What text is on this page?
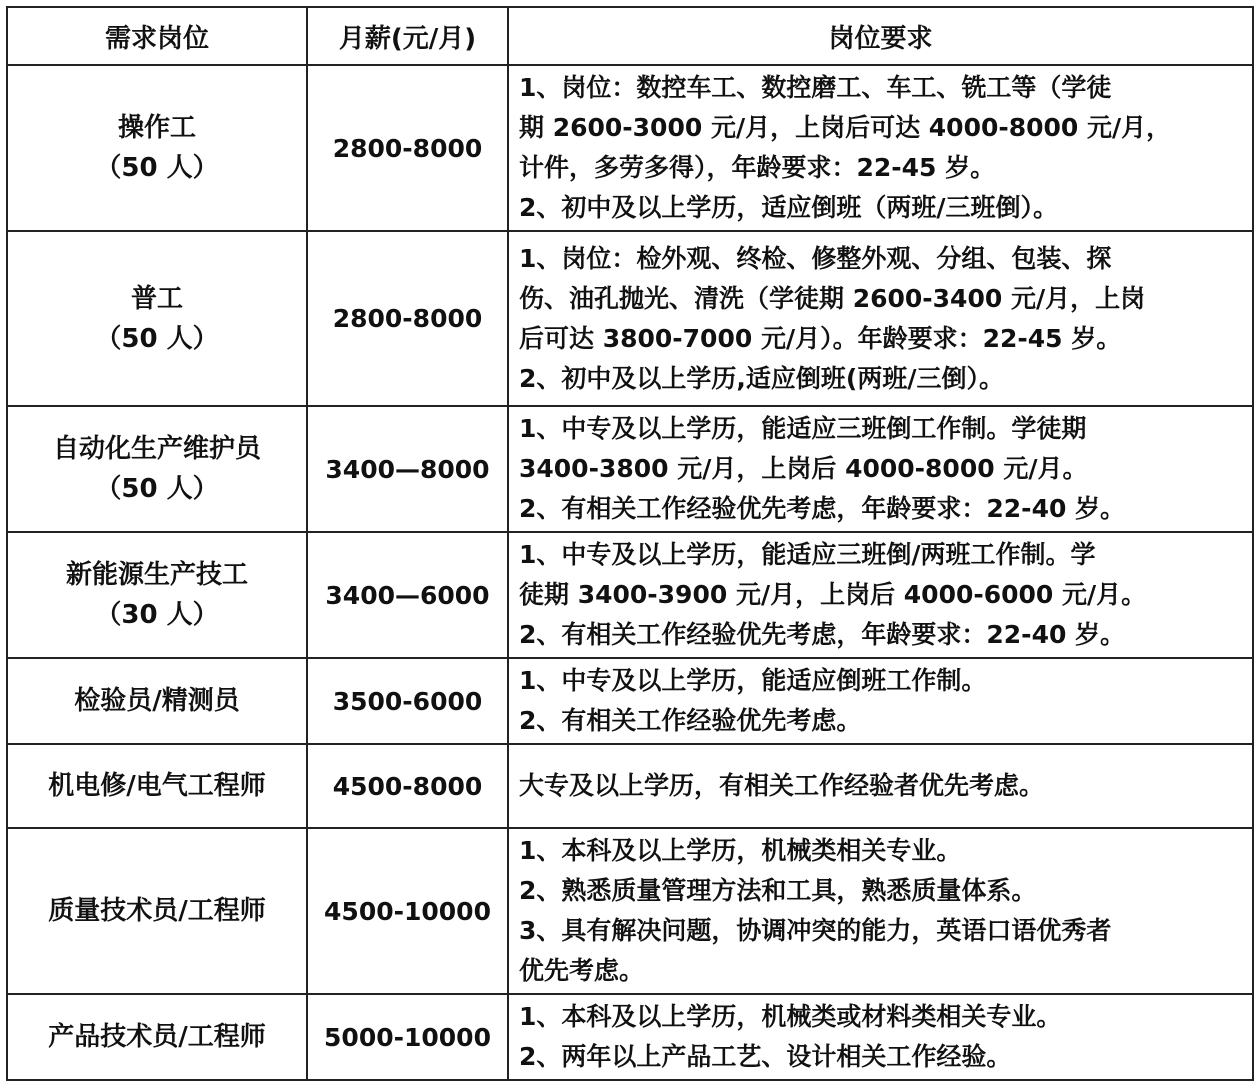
需求岗位	月薪(元/月)	岗位要求

操作工
（50 人）	2800-8000	1、岗位：数控车工、数控磨工、车工、铣工等（学徒
期 2600-3000 元/月，上岗后可达 4000-8000 元/月，
计件，多劳多得），年龄要求：22-45 岁。
2、初中及以上学历，适应倒班（两班/三班倒）。

普工
（50 人）	2800-8000	1、岗位：检外观、终检、修整外观、分组、包装、探
伤、油孔抛光、清洗（学徒期 2600-3400 元/月，上岗
后可达 3800-7000 元/月）。年龄要求：22-45 岁。
2、初中及以上学历,适应倒班(两班/三倒）。

自动化生产维护员
（50 人）	3400—8000	1、中专及以上学历，能适应三班倒工作制。学徒期
3400-3800 元/月，上岗后 4000-8000 元/月。
2、有相关工作经验优先考虑，年龄要求：22-40 岁。

新能源生产技工
（30 人）	3400—6000	1、中专及以上学历，能适应三班倒/两班工作制。学
徒期 3400-3900 元/月，上岗后 4000-6000 元/月。
2、有相关工作经验优先考虑，年龄要求：22-40 岁。

检验员/精测员	3500-6000	1、中专及以上学历，能适应倒班工作制。
2、有相关工作经验优先考虑。

机电修/电气工程师	4500-8000	大专及以上学历，有相关工作经验者优先考虑。

质量技术员/工程师	4500-10000	1、本科及以上学历，机械类相关专业。
2、熟悉质量管理方法和工具，熟悉质量体系。
3、具有解决问题，协调冲突的能力，英语口语优秀者
优先考虑。

产品技术员/工程师	5000-10000	1、本科及以上学历，机械类或材料类相关专业。
2、两年以上产品工艺、设计相关工作经验。
